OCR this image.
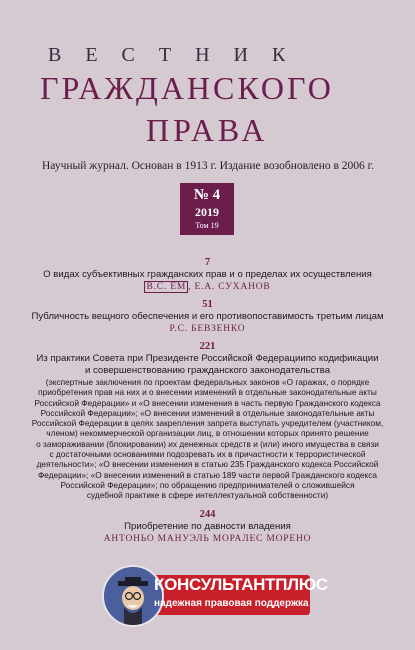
ВЕСТНИК
ГРАЖДАНСКОГО
ПРАВА
Научный журнал. Основан в 1913 г. Издание возобновлено в 2006 г.
№ 4
2019
Том 19
7
О видах субъективных гражданских прав и о пределах их осуществления
В.С. ЕМ , Е.А. СУХАНОВ
51
Публичность вещного обеспечения и его противопоставимость третьим лицам
Р.С. БЕВЗЕНКО
221
Из практики Совета при Президенте Российской Федерациипо кодификации
и совершенствованию гражданского законодательства
(экспертные заключения по проектам федеральных законов «О гаражах, о порядке
приобретения прав на них и о внесении изменений в отдельные законодательные акты
Российской Федерации» и «О внесении изменения в часть первую Гражданского кодекса
Российской Федерации»; «О внесении изменений в отдельные законодательные акты
Российской Федерации в целях закрепления запрета выступать учредителем (участником,
членом) некоммерческой организации лиц, в отношении которых принято решение
о замораживании (блокировании) их денежных средств и (или) иного имущества в связи
с достаточными основаниями подозревать их в причастности к террористической
деятельности»; «О внесении изменения в статью 235 Гражданского кодекса Российской
Федерации»; «О внесении изменений в статью 189 части первой Гражданского кодекса
Российской Федерации»; по обращению предпринимателей о сложившейся
судебной практике в сфере интеллектуальной собственности)
244
Приобретение по давности владения
АНТОНЬО МАНУЭЛЬ МОРАЛЕС МОРЕНО
КОНСУЛЬТАНТПЛЮС
надежная правовая поддержка
